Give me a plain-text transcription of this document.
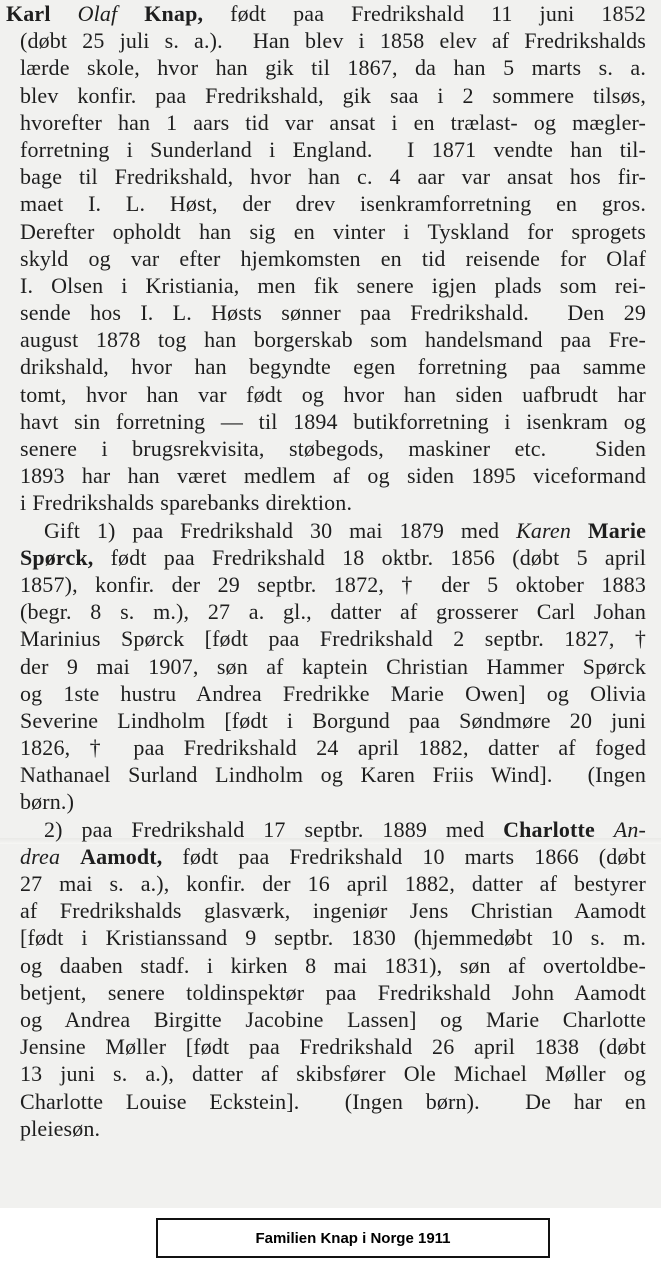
Karl Olaf Knap, født paa Fredrikshald 11 juni 1852
(døbt 25 juli s. a.).  Han blev i 1858 elev af Fredrikshalds
lærde skole, hvor han gik til 1867, da han 5 marts s. a.
blev konfir. paa Fredrikshald, gik saa i 2 sommere tilsøs,
hvorefter han 1 aars tid var ansat i en trælast- og mægler-
forretning i Sunderland i England.  I 1871 vendte han til-
bage til Fredrikshald, hvor han c. 4 aar var ansat hos fir-
maet I. L. Høst, der drev isenkramforretning en gros.
Derefter opholdt han sig en vinter i Tyskland for sprogets
skyld og var efter hjemkomsten en tid reisende for Olaf
I. Olsen i Kristiania, men fik senere igjen plads som rei-
sende hos I. L. Høsts sønner paa Fredrikshald.  Den 29
august 1878 tog han borgerskab som handelsmand paa Fre-
drikshald, hvor han begyndte egen forretning paa samme
tomt, hvor han var født og hvor han siden uafbrudt har
havt sin forretning — til 1894 butikforretning i isenkram og
senere i brugsrekvisita, støbegods, maskiner etc.  Siden
1893 har han været medlem af og siden 1895 viceformand
i Fredrikshalds sparebanks direktion.
Gift 1) paa Fredrikshald 30 mai 1879 med Karen Marie
Spørck, født paa Fredrikshald 18 oktbr. 1856 (døbt 5 april
1857), konfir. der 29 septbr. 1872, † der 5 oktober 1883
(begr. 8 s. m.), 27 a. gl., datter af grosserer Carl Johan
Marinius Spørck [født paa Fredrikshald 2 septbr. 1827, †
der 9 mai 1907, søn af kaptein Christian Hammer Spørck
og 1ste hustru Andrea Fredrikke Marie Owen] og Olivia
Severine Lindholm [født i Borgund paa Søndmøre 20 juni
1826, † paa Fredrikshald 24 april 1882, datter af foged
Nathanael Surland Lindholm og Karen Friis Wind].  (Ingen
børn.)
2) paa Fredrikshald 17 septbr. 1889 med Charlotte An-
drea Aamodt, født paa Fredrikshald 10 marts 1866 (døbt
27 mai s. a.), konfir. der 16 april 1882, datter af bestyrer
af Fredrikshalds glasværk, ingeniør Jens Christian Aamodt
[født i Kristianssand 9 septbr. 1830 (hjemmedøbt 10 s. m.
og daaben stadf. i kirken 8 mai 1831), søn af overtoldbe-
betjent, senere toldinspektør paa Fredrikshald John Aamodt
og Andrea Birgitte Jacobine Lassen] og Marie Charlotte
Jensine Møller [født paa Fredrikshald 26 april 1838 (døbt
13 juni s. a.), datter af skibsfører Ole Michael Møller og
Charlotte Louise Eckstein].  (Ingen børn).  De har en
pleiesøn.
Familien Knap i Norge 1911
